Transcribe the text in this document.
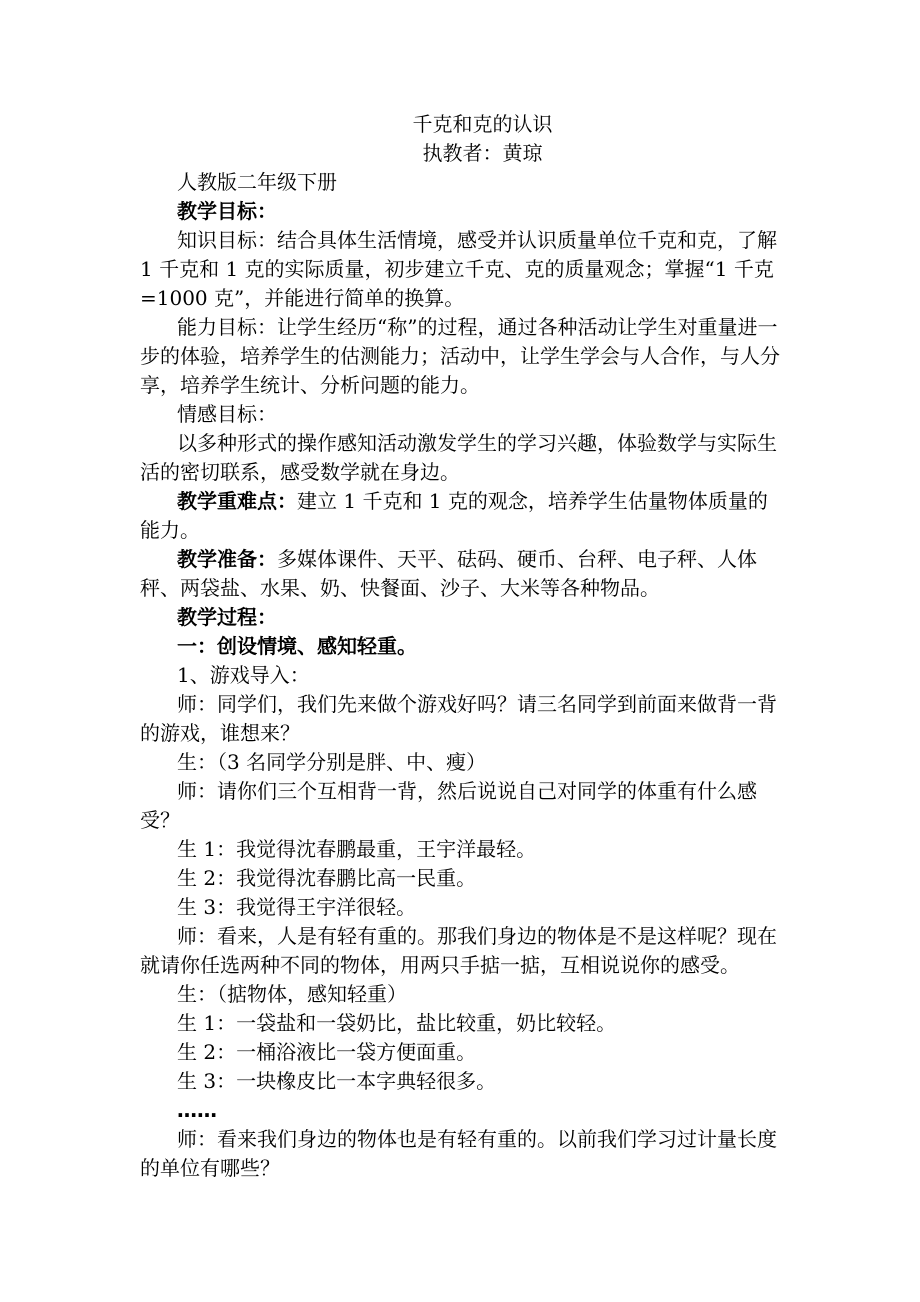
千克和克的认识
执教者：黄琼

人教版二年级下册

教学目标：

知识目标：结合具体生活情境，感受并认识质量单位千克和克，了解 1 千克和 1 克的实际质量，初步建立千克、克的质量观念；掌握“1 千克=1000 克”，并能进行简单的换算。

能力目标：让学生经历“称”的过程，通过各种活动让学生对重量进一步的体验，培养学生的估测能力；活动中，让学生学会与人合作，与人分享，培养学生统计、分析问题的能力。

情感目标：

以多种形式的操作感知活动激发学生的学习兴趣，体验数学与实际生活的密切联系，感受数学就在身边。

教学重难点：建立 1 千克和 1 克的观念，培养学生估量物体质量的能力。

教学准备：多媒体课件、天平、砝码、硬币、台秤、电子秤、人体秤、两袋盐、水果、奶、快餐面、沙子、大米等各种物品。

教学过程：

一：创设情境、感知轻重。

1、游戏导入：

师：同学们，我们先来做个游戏好吗？请三名同学到前面来做背一背的游戏，谁想来？

生：（3 名同学分别是胖、中、瘦）

师：请你们三个互相背一背，然后说说自己对同学的体重有什么感受？

生 1：我觉得沈春鹏最重，王宇洋最轻。

生 2：我觉得沈春鹏比高一民重。

生 3：我觉得王宇洋很轻。

师：看来，人是有轻有重的。那我们身边的物体是不是这样呢？现在就请你任选两种不同的物体，用两只手掂一掂，互相说说你的感受。

生：（掂物体，感知轻重）

生 1：一袋盐和一袋奶比，盐比较重，奶比较轻。

生 2：一桶浴液比一袋方便面重。

生 3：一块橡皮比一本字典轻很多。

……

师：看来我们身边的物体也是有轻有重的。以前我们学习过计量长度的单位有哪些？
